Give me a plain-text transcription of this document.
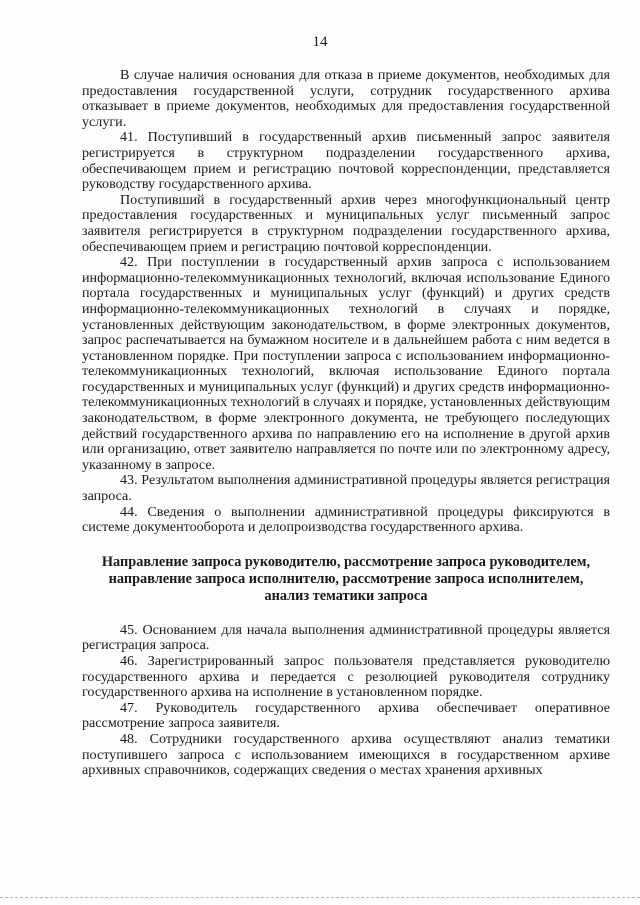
14

В случае наличия основания для отказа в приеме документов, необходимых для предоставления государственной услуги, сотрудник государственного архива отказывает в приеме документов, необходимых для предоставления государственной услуги.

41. Поступивший в государственный архив письменный запрос заявителя регистрируется в структурном подразделении государственного архива, обеспечивающем прием и регистрацию почтовой корреспонденции, представляется руководству государственного архива.

Поступивший в государственный архив через многофункциональный центр предоставления государственных и муниципальных услуг письменный запрос заявителя регистрируется в структурном подразделении государственного архива, обеспечивающем прием и регистрацию почтовой корреспонденции.

42. При поступлении в государственный архив запроса с использованием информационно-телекоммуникационных технологий, включая использование Единого портала государственных и муниципальных услуг (функций) и других средств информационно-телекоммуникационных технологий в случаях и порядке, установленных действующим законодательством, в форме электронных документов, запрос распечатывается на бумажном носителе и в дальнейшем работа с ним ведется в установленном порядке. При поступлении запроса с использованием информационно-телекоммуникационных технологий, включая использование Единого портала государственных и муниципальных услуг (функций) и других средств информационно-телекоммуникационных технологий в случаях и порядке, установленных действующим законодательством, в форме электронного документа, не требующего последующих действий государственного архива по направлению его на исполнение в другой архив или организацию, ответ заявителю направляется по почте или по электронному адресу, указанному в запросе.

43. Результатом выполнения административной процедуры является регистрация запроса.

44. Сведения о выполнении административной процедуры фиксируются в системе документооборота и делопроизводства государственного архива.

Направление запроса руководителю, рассмотрение запроса руководителем, направление запроса исполнителю, рассмотрение запроса исполнителем, анализ тематики запроса

45. Основанием для начала выполнения административной процедуры является регистрация запроса.

46. Зарегистрированный запрос пользователя представляется руководителю государственного архива и передается с резолюцией руководителя сотруднику государственного архива на исполнение в установленном порядке.

47. Руководитель государственного архива обеспечивает оперативное рассмотрение запроса заявителя.

48. Сотрудники государственного архива осуществляют анализ тематики поступившего запроса с использованием имеющихся в государственном архиве архивных справочников, содержащих сведения о местах хранения архивных
